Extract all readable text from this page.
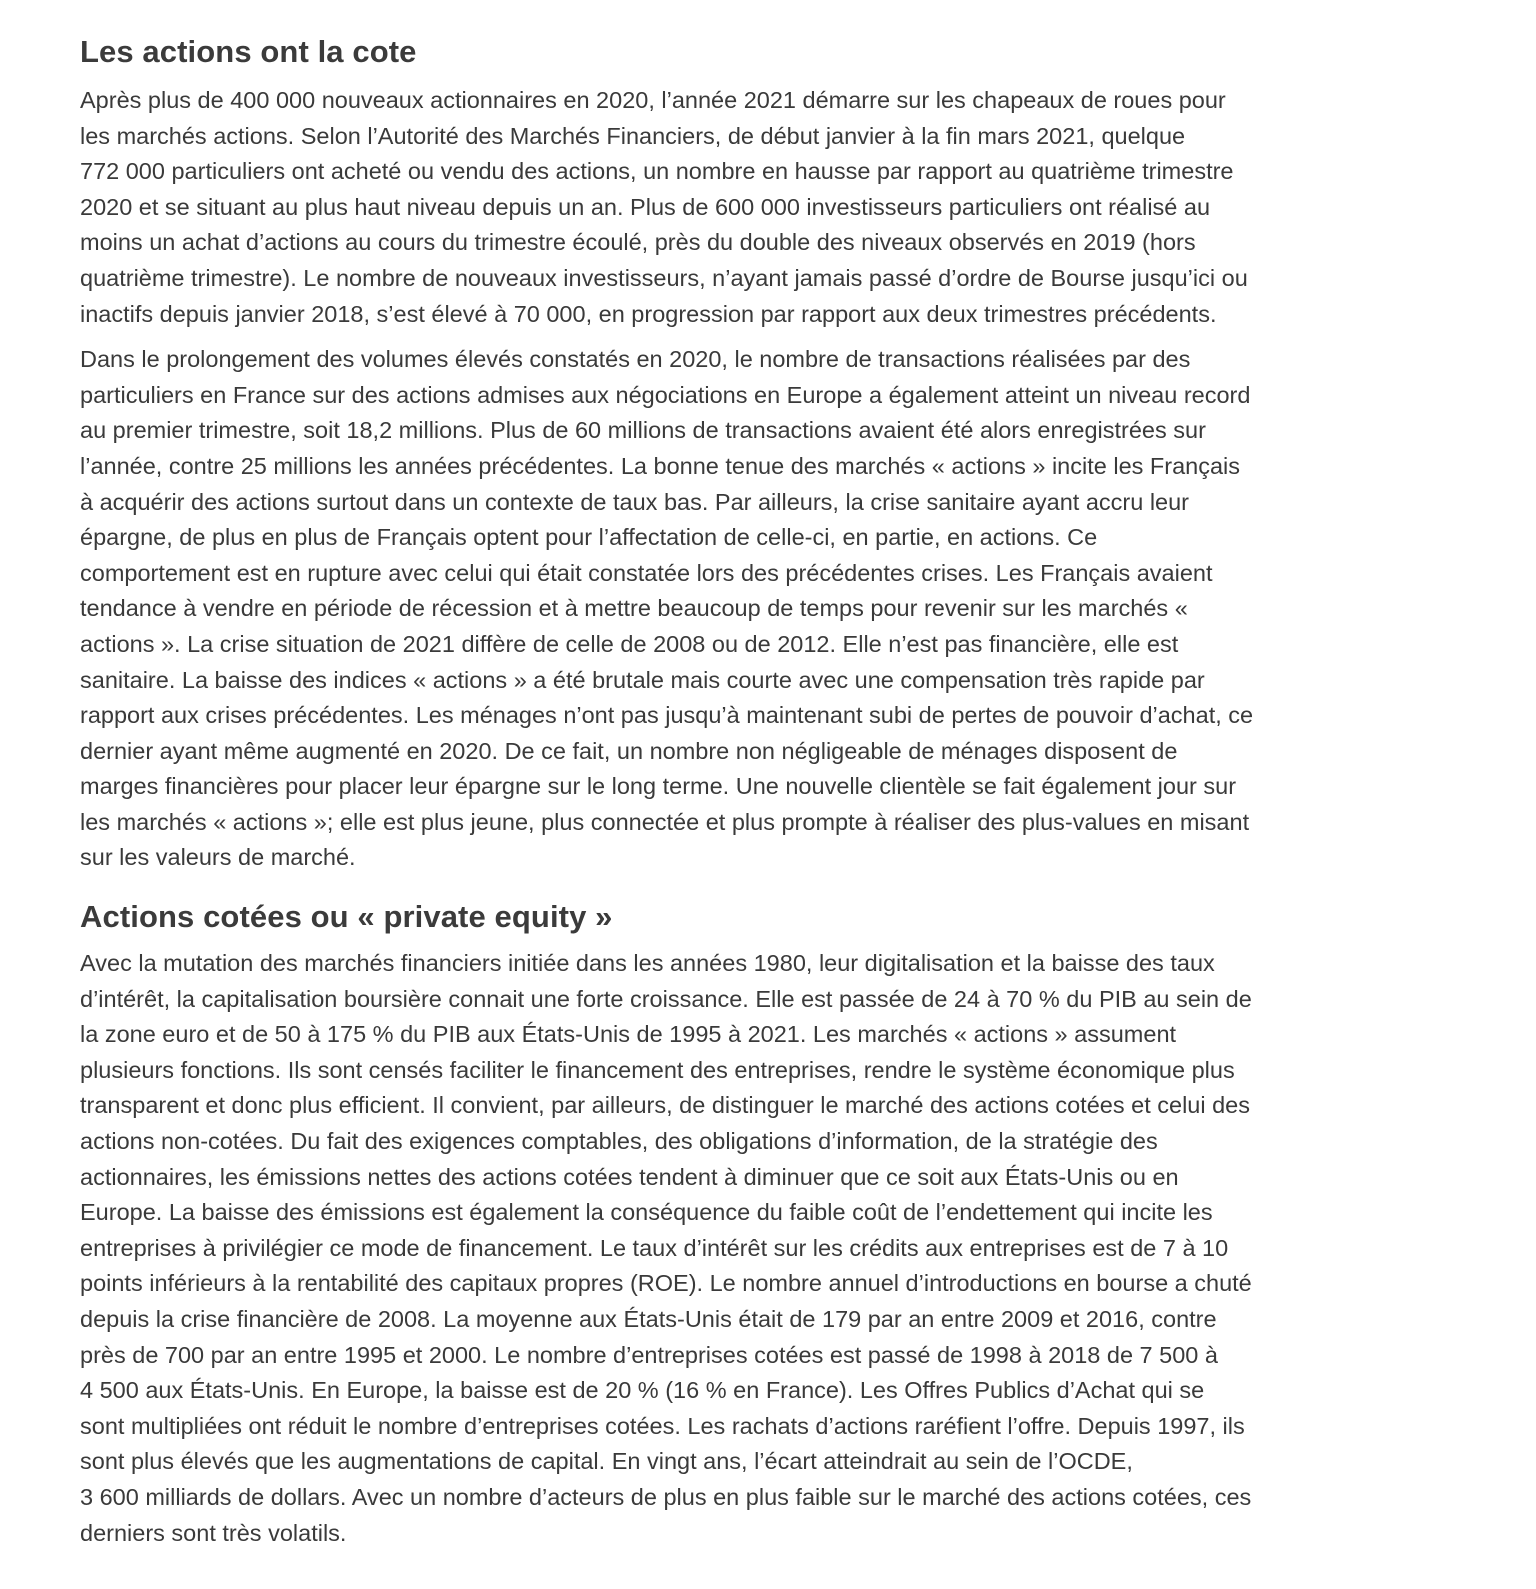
Les actions ont la cote

Après plus de 400 000 nouveaux actionnaires en 2020, l’année 2021 démarre sur les chapeaux de roues pour
les marchés actions. Selon l’Autorité des Marchés Financiers, de début janvier à la fin mars 2021, quelque
772 000 particuliers ont acheté ou vendu des actions, un nombre en hausse par rapport au quatrième trimestre
2020 et se situant au plus haut niveau depuis un an. Plus de 600 000 investisseurs particuliers ont réalisé au
moins un achat d’actions au cours du trimestre écoulé, près du double des niveaux observés en 2019 (hors
quatrième trimestre). Le nombre de nouveaux investisseurs, n’ayant jamais passé d’ordre de Bourse jusqu’ici ou
inactifs depuis janvier 2018, s’est élevé à 70 000, en progression par rapport aux deux trimestres précédents.

Dans le prolongement des volumes élevés constatés en 2020, le nombre de transactions réalisées par des
particuliers en France sur des actions admises aux négociations en Europe a également atteint un niveau record
au premier trimestre, soit 18,2 millions. Plus de 60 millions de transactions avaient été alors enregistrées sur
l’année, contre 25 millions les années précédentes. La bonne tenue des marchés « actions » incite les Français
à acquérir des actions surtout dans un contexte de taux bas. Par ailleurs, la crise sanitaire ayant accru leur
épargne, de plus en plus de Français optent pour l’affectation de celle-ci, en partie, en actions. Ce
comportement est en rupture avec celui qui était constatée lors des précédentes crises. Les Français avaient
tendance à vendre en période de récession et à mettre beaucoup de temps pour revenir sur les marchés «
actions ». La crise situation de 2021 diffère de celle de 2008 ou de 2012. Elle n’est pas financière, elle est
sanitaire. La baisse des indices « actions » a été brutale mais courte avec une compensation très rapide par
rapport aux crises précédentes. Les ménages n’ont pas jusqu’à maintenant subi de pertes de pouvoir d’achat, ce
dernier ayant même augmenté en 2020. De ce fait, un nombre non négligeable de ménages disposent de
marges financières pour placer leur épargne sur le long terme. Une nouvelle clientèle se fait également jour sur
les marchés « actions »; elle est plus jeune, plus connectée et plus prompte à réaliser des plus-values en misant
sur les valeurs de marché.

Actions cotées ou « private equity »

Avec la mutation des marchés financiers initiée dans les années 1980, leur digitalisation et la baisse des taux
d’intérêt, la capitalisation boursière connait une forte croissance. Elle est passée de 24 à 70 % du PIB au sein de
la zone euro et de 50 à 175 % du PIB aux États-Unis de 1995 à 2021. Les marchés « actions » assument
plusieurs fonctions. Ils sont censés faciliter le financement des entreprises, rendre le système économique plus
transparent et donc plus efficient. Il convient, par ailleurs, de distinguer le marché des actions cotées et celui des
actions non-cotées. Du fait des exigences comptables, des obligations d’information, de la stratégie des
actionnaires, les émissions nettes des actions cotées tendent à diminuer que ce soit aux États-Unis ou en
Europe. La baisse des émissions est également la conséquence du faible coût de l’endettement qui incite les
entreprises à privilégier ce mode de financement. Le taux d’intérêt sur les crédits aux entreprises est de 7 à 10
points inférieurs à la rentabilité des capitaux propres (ROE). Le nombre annuel d’introductions en bourse a chuté
depuis la crise financière de 2008. La moyenne aux États-Unis était de 179 par an entre 2009 et 2016, contre
près de 700 par an entre 1995 et 2000. Le nombre d’entreprises cotées est passé de 1998 à 2018 de 7 500 à
4 500 aux États-Unis. En Europe, la baisse est de 20 % (16 % en France). Les Offres Publics d’Achat qui se
sont multipliées ont réduit le nombre d’entreprises cotées. Les rachats d’actions raréfient l’offre. Depuis 1997, ils
sont plus élevés que les augmentations de capital. En vingt ans, l’écart atteindrait au sein de l’OCDE,
3 600 milliards de dollars. Avec un nombre d’acteurs de plus en plus faible sur le marché des actions cotées, ces
derniers sont très volatils.
